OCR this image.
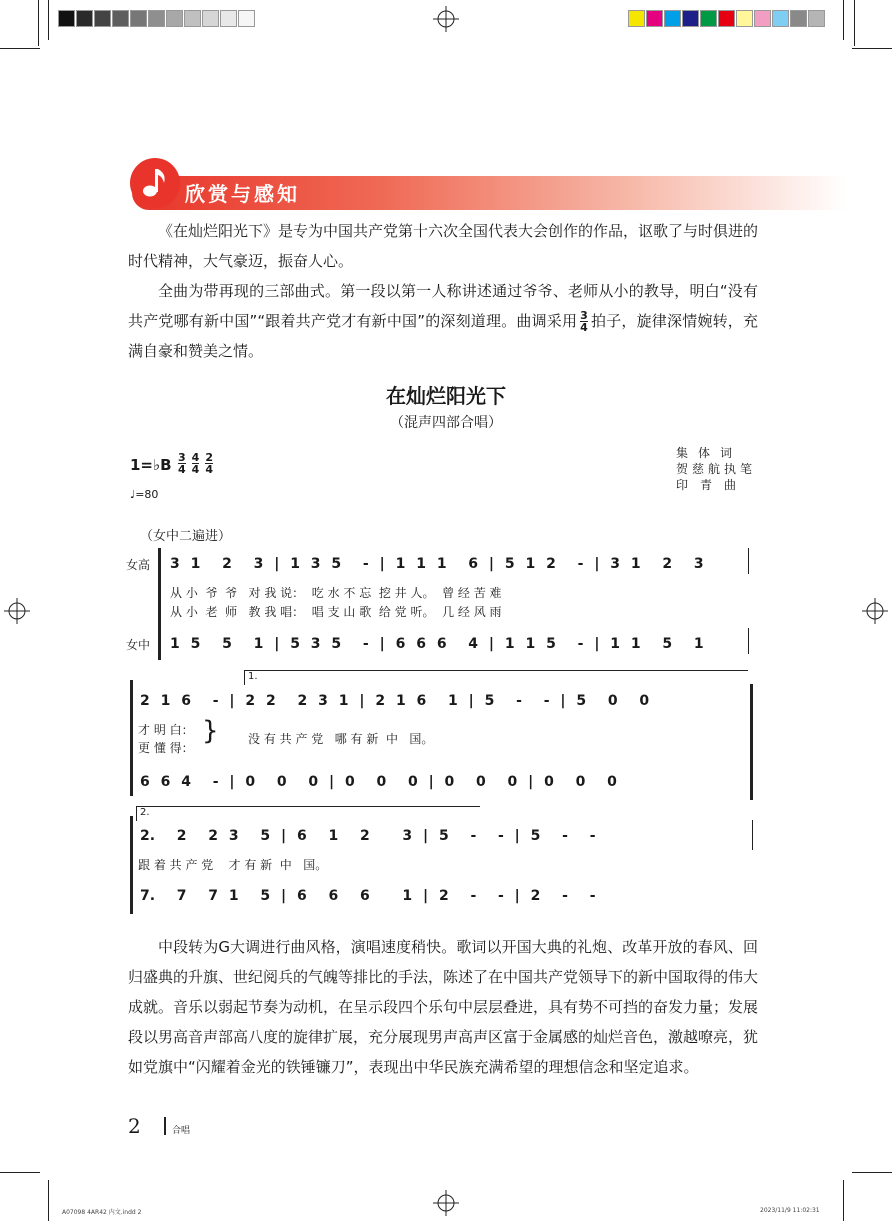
欣赏与感知
《在灿烂阳光下》是专为中国共产党第十六次全国代表大会创作的作品，讴歌了与时俱进的时代精神，大气豪迈，振奋人心。
全曲为带再现的三部曲式。第一段以第一人称讲述通过爷爷、老师从小的教导，明白“没有共产党哪有新中国”“跟着共产党才有新中国”的深刻道理。曲调采用 $\frac{3}{4}$ 拍子，旋律深情婉转，充满自豪和赞美之情。
在灿烂阳光下
（混声四部合唱）
1=♭B 3
4
4
4
2
4
♩=80
集体词
贺慈航执笔
印青曲
（女中二遍进）
女高
女中
3 1  2  3 | 1 3 5  - | 1 1 1  6 | 5 1 2  - | 3 1  2  3
从 小  爷  爷   对 我 说：  吃 水 不 忘  挖 井 人。  曾 经 苦 难
从 小  老  师   教 我 唱：  唱 支 山 歌  给 党 听。  几 经 风 雨
1 5  5  1 | 5 3 5  - | 6 6 6  4 | 1 1 5  - | 1 1  5  1
1.
2 1 6  - | 2 2  2 3 1 | 2 1 6  1 | 5  -  - | 5  0  0
才 明 白：
更 懂 得：
} 没 有 共 产 党   哪 有 新  中   国。
6 6 4  - | 0  0  0 | 0  0  0 | 0  0  0 | 0  0  0
2.
2.  2  2 3  5 | 6  1  2   3 | 5  -  - | 5  -  -
跟 着 共 产 党    才 有 新  中   国。
7.  7  7 1  5 | 6  6  6   1 | 2  -  - | 2  -  -
中段转为G大调进行曲风格，演唱速度稍快。歌词以开国大典的礼炮、改革开放的春风、回归盛典的升旗、世纪阅兵的气魄等排比的手法，陈述了在中国共产党领导下的新中国取得的伟大成就。音乐以弱起节奏为动机，在呈示段四个乐句中层层叠进，具有势不可挡的奋发力量；发展段以男高音声部高八度的旋律扩展，充分展现男声高声区富于金属感的灿烂音色，激越嘹亮，犹如党旗中“闪耀着金光的铁锤镰刀”，表现出中华民族充满希望的理想信念和坚定追求。
2	合唱
A07098 4AR42 内文.indd 2	2023/11/9 11:02:31
